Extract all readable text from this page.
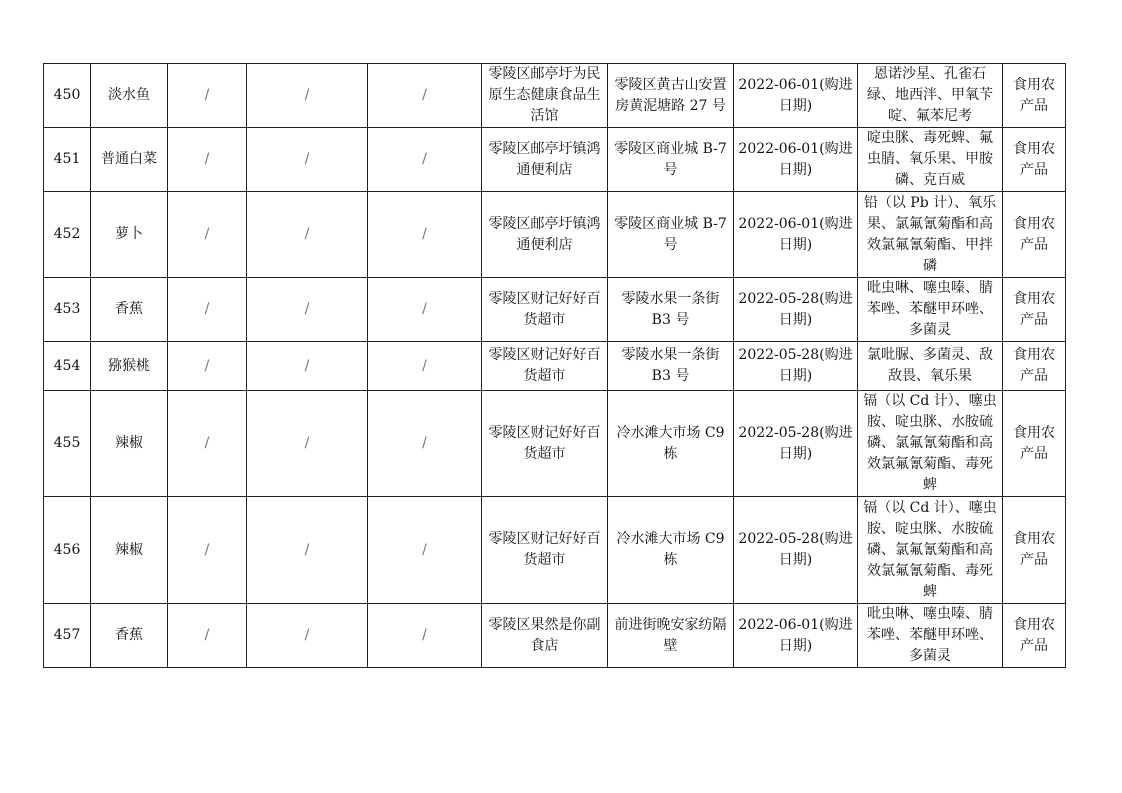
450	淡水鱼	/	/	/	零陵区邮亭圩为民原生态健康食品生活馆	零陵区黄古山安置房黄泥塘路 27 号	2022-06-01(购进日期)	恩诺沙星、孔雀石绿、地西泮、甲氧苄啶、氟苯尼考	食用农产品
451	普通白菜	/	/	/	零陵区邮亭圩镇鸿通便利店	零陵区商业城 B-7 号	2022-06-01(购进日期)	啶虫脒、毒死蜱、氟虫腈、氧乐果、甲胺磷、克百威	食用农产品
452	萝卜	/	/	/	零陵区邮亭圩镇鸿通便利店	零陵区商业城 B-7 号	2022-06-01(购进日期)	铅（以 Pb 计）、氧乐果、氯氟氰菊酯和高效氯氟氰菊酯、甲拌磷	食用农产品
453	香蕉	/	/	/	零陵区财记好好百货超市	零陵水果一条街 B3 号	2022-05-28(购进日期)	吡虫啉、噻虫嗪、腈苯唑、苯醚甲环唑、多菌灵	食用农产品
454	猕猴桃	/	/	/	零陵区财记好好百货超市	零陵水果一条街 B3 号	2022-05-28(购进日期)	氯吡脲、多菌灵、敌敌畏、氧乐果	食用农产品
455	辣椒	/	/	/	零陵区财记好好百货超市	冷水滩大市场 C9 栋	2022-05-28(购进日期)	镉（以 Cd 计）、噻虫胺、啶虫脒、水胺硫磷、氯氟氰菊酯和高效氯氟氰菊酯、毒死蜱	食用农产品
456	辣椒	/	/	/	零陵区财记好好百货超市	冷水滩大市场 C9 栋	2022-05-28(购进日期)	镉（以 Cd 计）、噻虫胺、啶虫脒、水胺硫磷、氯氟氰菊酯和高效氯氟氰菊酯、毒死蜱	食用农产品
457	香蕉	/	/	/	零陵区果然是你副食店	前进街晚安家纺隔壁	2022-06-01(购进日期)	吡虫啉、噻虫嗪、腈苯唑、苯醚甲环唑、多菌灵	食用农产品
